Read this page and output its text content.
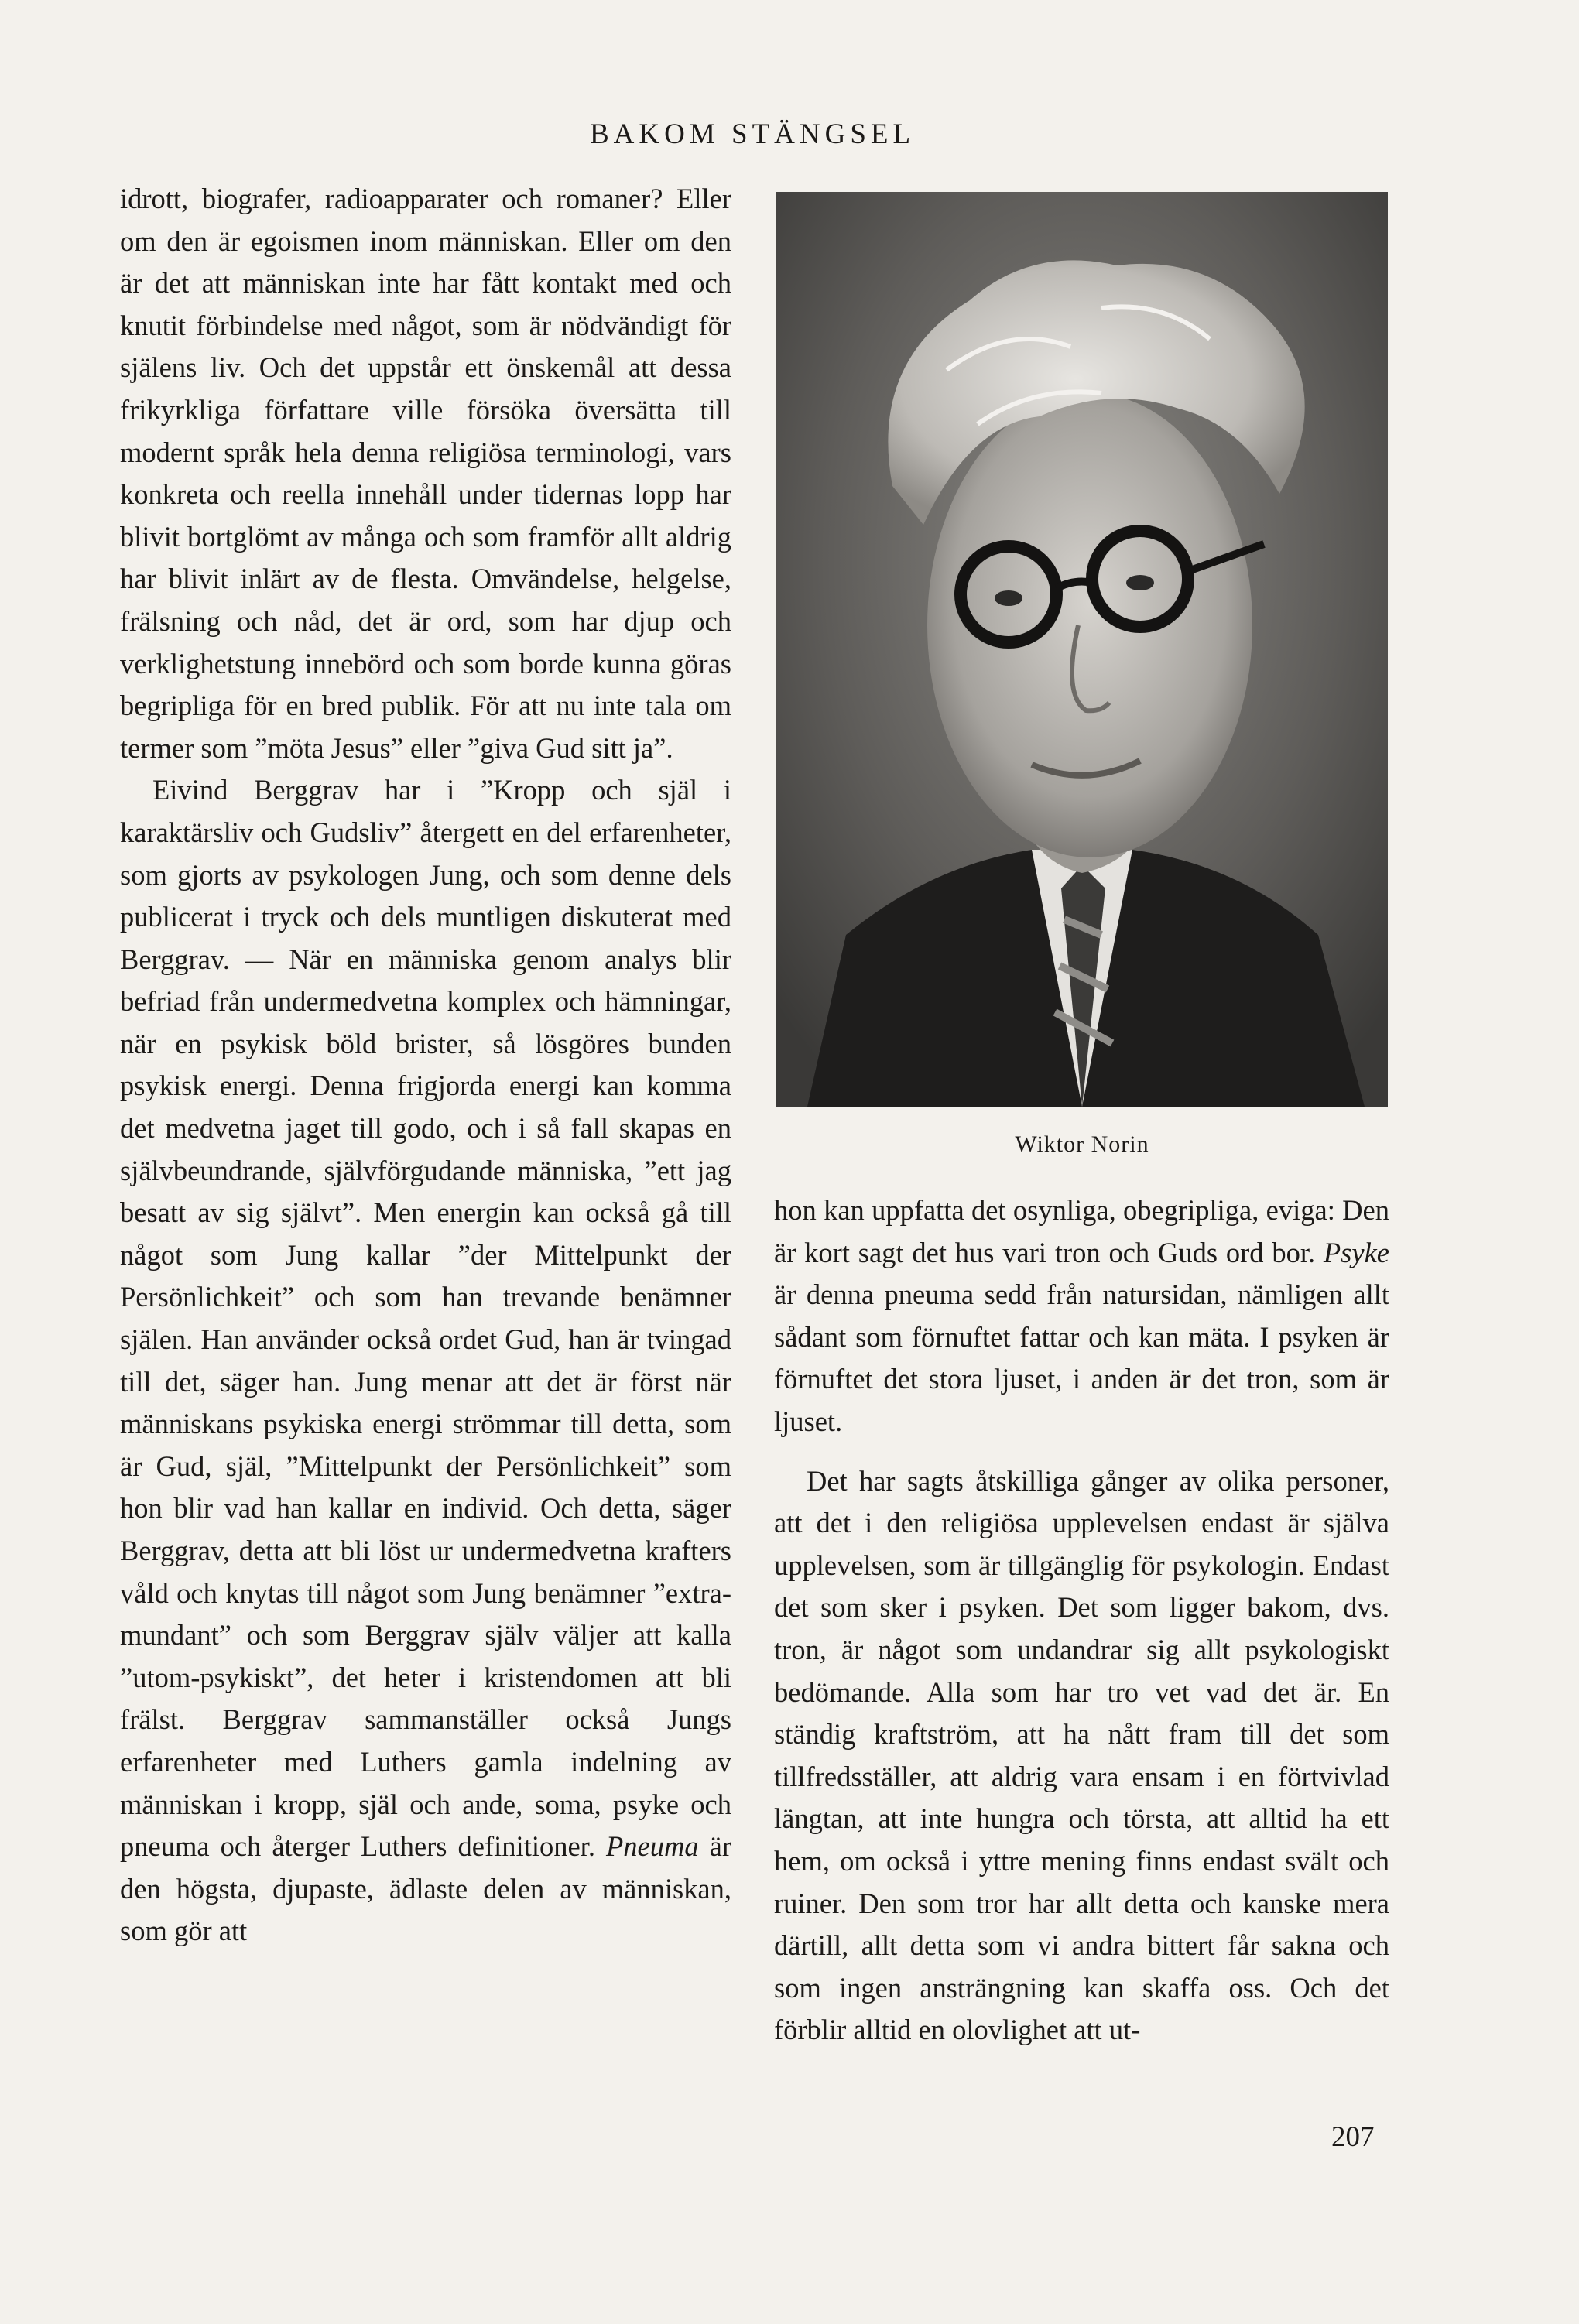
BAKOM STÄNGSEL

idrott, biografer, radioapparater och romaner? Eller om den är egoismen inom människan. Eller om den är det att människan inte har fått kontakt med och knutit förbindelse med något, som är nödvändigt för själens liv. Och det uppstår ett önskemål att dessa frikyrkliga författare ville försöka översätta till modernt språk hela denna religiösa terminologi, vars konkreta och reella innehåll under tidernas lopp har blivit bortglömt av många och som framför allt aldrig har blivit inlärt av de flesta. Omvändelse, helgelse, frälsning och nåd, det är ord, som har djup och verklighetstung innebörd och som borde kunna göras begripliga för en bred publik. För att nu inte tala om termer som ”möta Jesus” eller ”giva Gud sitt ja”.

Eivind Berggrav har i ”Kropp och själ i karaktärsliv och Gudsliv” återgett en del erfarenheter, som gjorts av psykologen Jung, och som denne dels publicerat i tryck och dels muntligen diskuterat med Berggrav. — När en människa genom analys blir befriad från undermedvetna komplex och hämningar, när en psykisk böld brister, så lösgöres bunden psykisk energi. Denna frigjorda energi kan komma det medvetna jaget till godo, och i så fall skapas en självbeundrande, självförgudande människa, ”ett jag besatt av sig självt”. Men energin kan också gå till något som Jung kallar ”der Mittelpunkt der Persönlichkeit” och som han trevande benämner själen. Han använder också ordet Gud, han är tvingad till det, säger han. Jung menar att det är först när människans psykiska energi strömmar till detta, som är Gud, själ, ”Mittelpunkt der Persönlichkeit” som hon blir vad han kallar en individ. Och detta, säger Berggrav, detta att bli löst ur undermedvetna krafters våld och knytas till något som Jung benämner ”extra-mundant” och som Berggrav själv väljer att kalla ”utom-psykiskt”, det heter i kristendomen att bli frälst. Berggrav sammanställer också Jungs erfarenheter med Luthers gamla indelning av människan i kropp, själ och ande, soma, psyke och pneuma och återger Luthers definitioner. Pneuma är den högsta, djupaste, ädlaste delen av människan, som gör att

Wiktor Norin

hon kan uppfatta det osynliga, obegripliga, eviga: Den är kort sagt det hus vari tron och Guds ord bor. Psyke är denna pneuma sedd från natursidan, nämligen allt sådant som förnuftet fattar och kan mäta. I psyken är förnuftet det stora ljuset, i anden är det tron, som är ljuset.

Det har sagts åtskilliga gånger av olika personer, att det i den religiösa upplevelsen endast är själva upplevelsen, som är tillgänglig för psykologin. Endast det som sker i psyken. Det som ligger bakom, dvs. tron, är något som undandrar sig allt psykologiskt bedömande. Alla som har tro vet vad det är. En ständig kraftström, att ha nått fram till det som tillfredsställer, att aldrig vara ensam i en förtvivlad längtan, att inte hungra och törsta, att alltid ha ett hem, om också i yttre mening finns endast svält och ruiner. Den som tror har allt detta och kanske mera därtill, allt detta som vi andra bittert får sakna och som ingen ansträngning kan skaffa oss. Och det förblir alltid en olovlighet att ut-

207
